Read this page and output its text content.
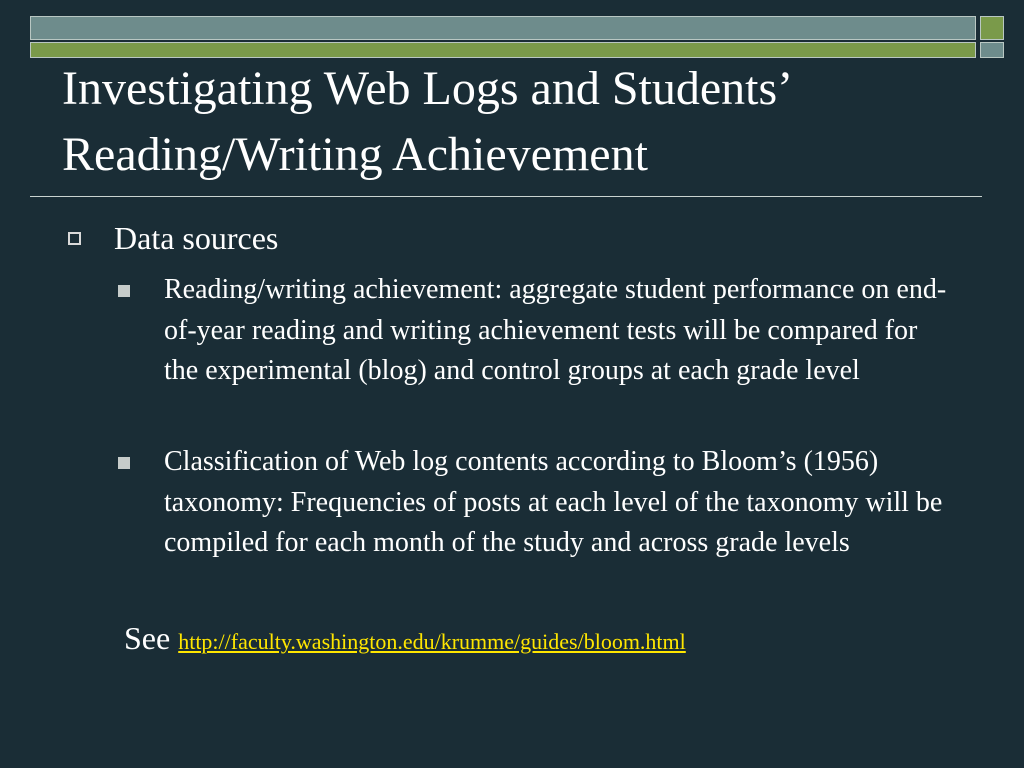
Investigating Web Logs and Students’
Reading/Writing Achievement
Data sources
Reading/writing achievement: aggregate student performance on end-of-year reading and writing achievement tests will be compared for the experimental (blog) and control groups at each grade level
Classification of Web log contents according to Bloom’s (1956) taxonomy: Frequencies of posts at each level of the taxonomy will be compiled for each month of the study and across grade levels
See http://faculty.washington.edu/krumme/guides/bloom.html
